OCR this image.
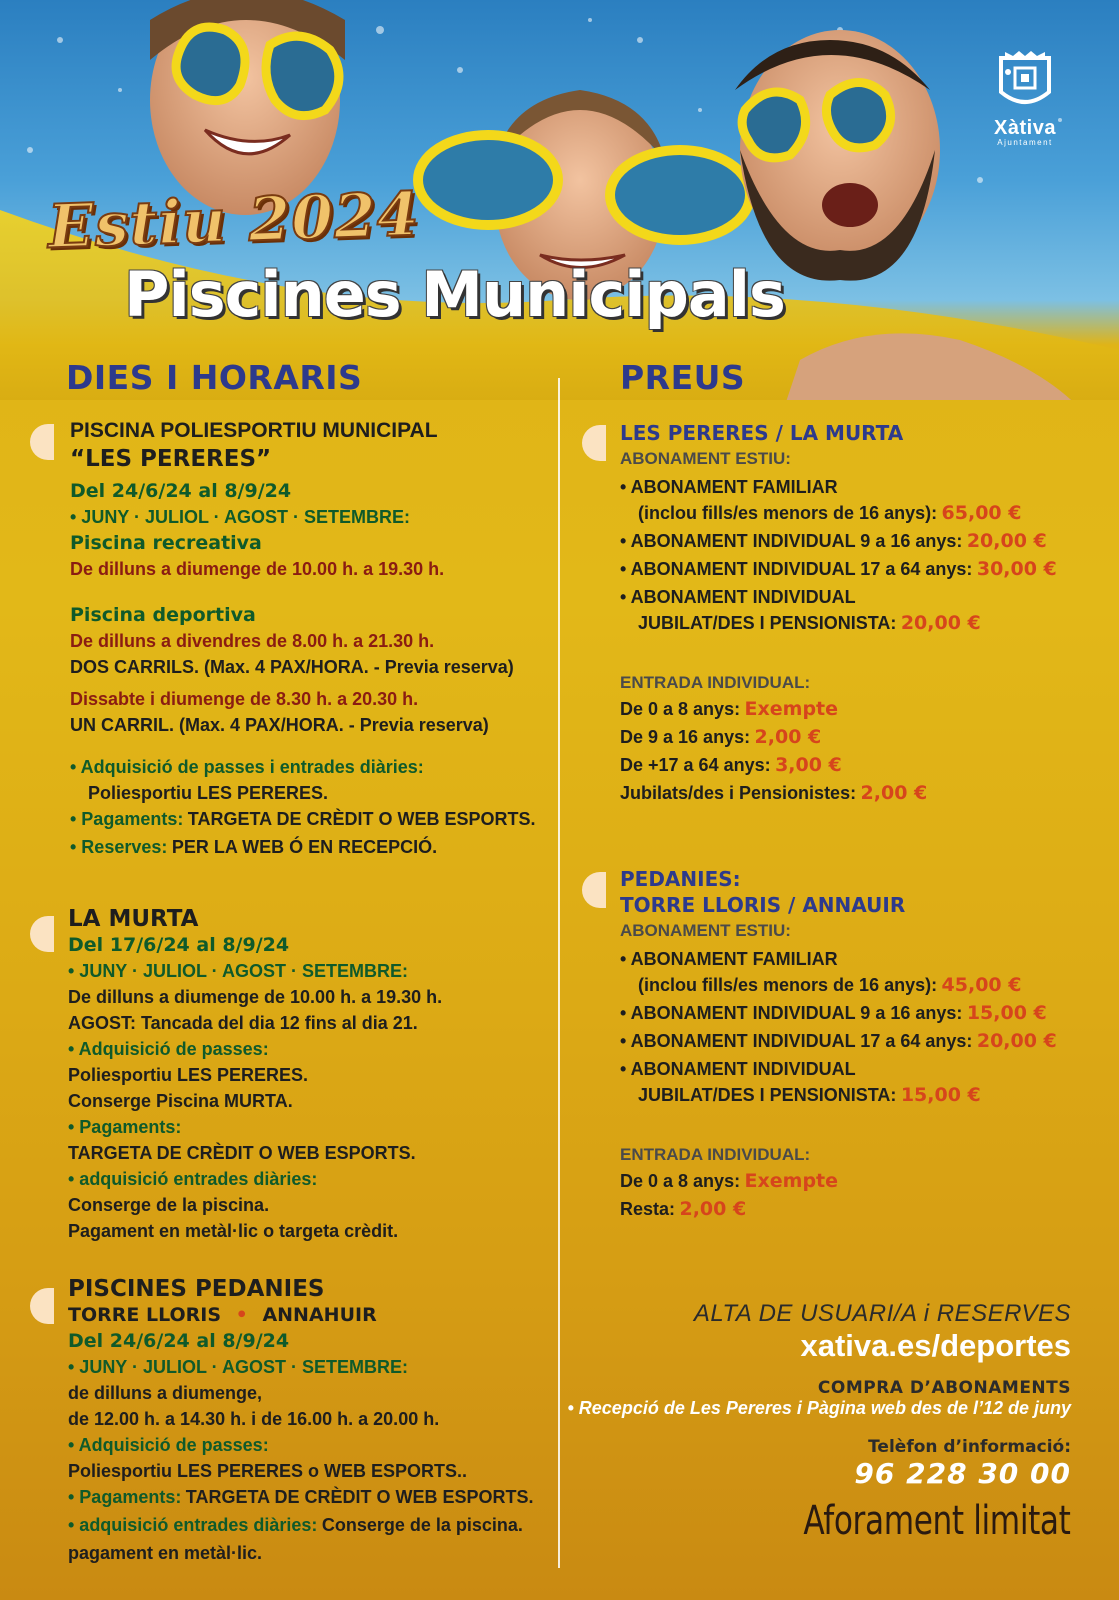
Xàtiva
Ajuntament
Estiu 2024
Piscines Municipals
DIES I HORARIS
PISCINA POLIESPORTIU MUNICIPAL
“LES PERERES”
Del 24/6/24 al 8/9/24
• JUNY · JULIOL · AGOST · SETEMBRE:
Piscina recreativa
De dilluns a diumenge de 10.00 h. a 19.30 h.
Piscina deportiva
De dilluns a divendres de 8.00 h. a 21.30 h.
DOS CARRILS. (Max. 4 PAX/HORA. - Previa reserva)
Dissabte i diumenge de 8.30 h. a 20.30 h.
UN CARRIL. (Max. 4 PAX/HORA. - Previa reserva)
• Adquisició de passes i entrades diàries:
Poliesportiu LES PERERES.
• Pagaments: TARGETA DE CRÈDIT O WEB ESPORTS.
• Reserves: PER LA WEB Ó EN RECEPCIÓ.
LA MURTA
Del 17/6/24 al 8/9/24
• JUNY · JULIOL · AGOST · SETEMBRE:
De dilluns a diumenge de 10.00 h. a 19.30 h.
AGOST: Tancada del dia 12 fins al dia 21.
• Adquisició de passes:
Poliesportiu LES PERERES.
Conserge Piscina MURTA.
• Pagaments:
TARGETA DE CRÈDIT O WEB ESPORTS.
• adquisició entrades diàries:
Conserge de la piscina.
Pagament en metàl·lic o targeta crèdit.
PISCINES PEDANIES
TORRE LLORIS • ANNAHUIR
Del 24/6/24 al 8/9/24
• JUNY · JULIOL · AGOST · SETEMBRE:
de dilluns a diumenge,
de 12.00 h. a 14.30 h. i de 16.00 h. a 20.00 h.
• Adquisició de passes:
Poliesportiu LES PERERES o WEB ESPORTS..
• Pagaments: TARGETA DE CRÈDIT O WEB ESPORTS.
• adquisició entrades diàries: Conserge de la piscina.
pagament en metàl·lic.
PREUS
LES PERERES / LA MURTA
ABONAMENT ESTIU:
• ABONAMENT FAMILIAR
(inclou fills/es menors de 16 anys): 65,00 €
• ABONAMENT INDIVIDUAL 9 a 16 anys: 20,00 €
• ABONAMENT INDIVIDUAL 17 a 64 anys: 30,00 €
• ABONAMENT INDIVIDUAL
JUBILAT/DES I PENSIONISTA: 20,00 €
ENTRADA INDIVIDUAL:
De 0 a 8 anys: Exempte
De 9 a 16 anys: 2,00 €
De +17 a 64 anys: 3,00 €
Jubilats/des i Pensionistes: 2,00 €
PEDANIES:
TORRE LLORIS / ANNAUIR
ABONAMENT ESTIU:
• ABONAMENT FAMILIAR
(inclou fills/es menors de 16 anys): 45,00 €
• ABONAMENT INDIVIDUAL 9 a 16 anys: 15,00 €
• ABONAMENT INDIVIDUAL 17 a 64 anys: 20,00 €
• ABONAMENT INDIVIDUAL
JUBILAT/DES I PENSIONISTA: 15,00 €
ENTRADA INDIVIDUAL:
De 0 a 8 anys: Exempte
Resta: 2,00 €
ALTA DE USUARI/A i RESERVES
xativa.es/deportes
COMPRA D’ABONAMENTS
• Recepció de Les Pereres i Pàgina web des de l’12 de juny
Telèfon d’informació:
96 228 30 00
Aforament limitat
